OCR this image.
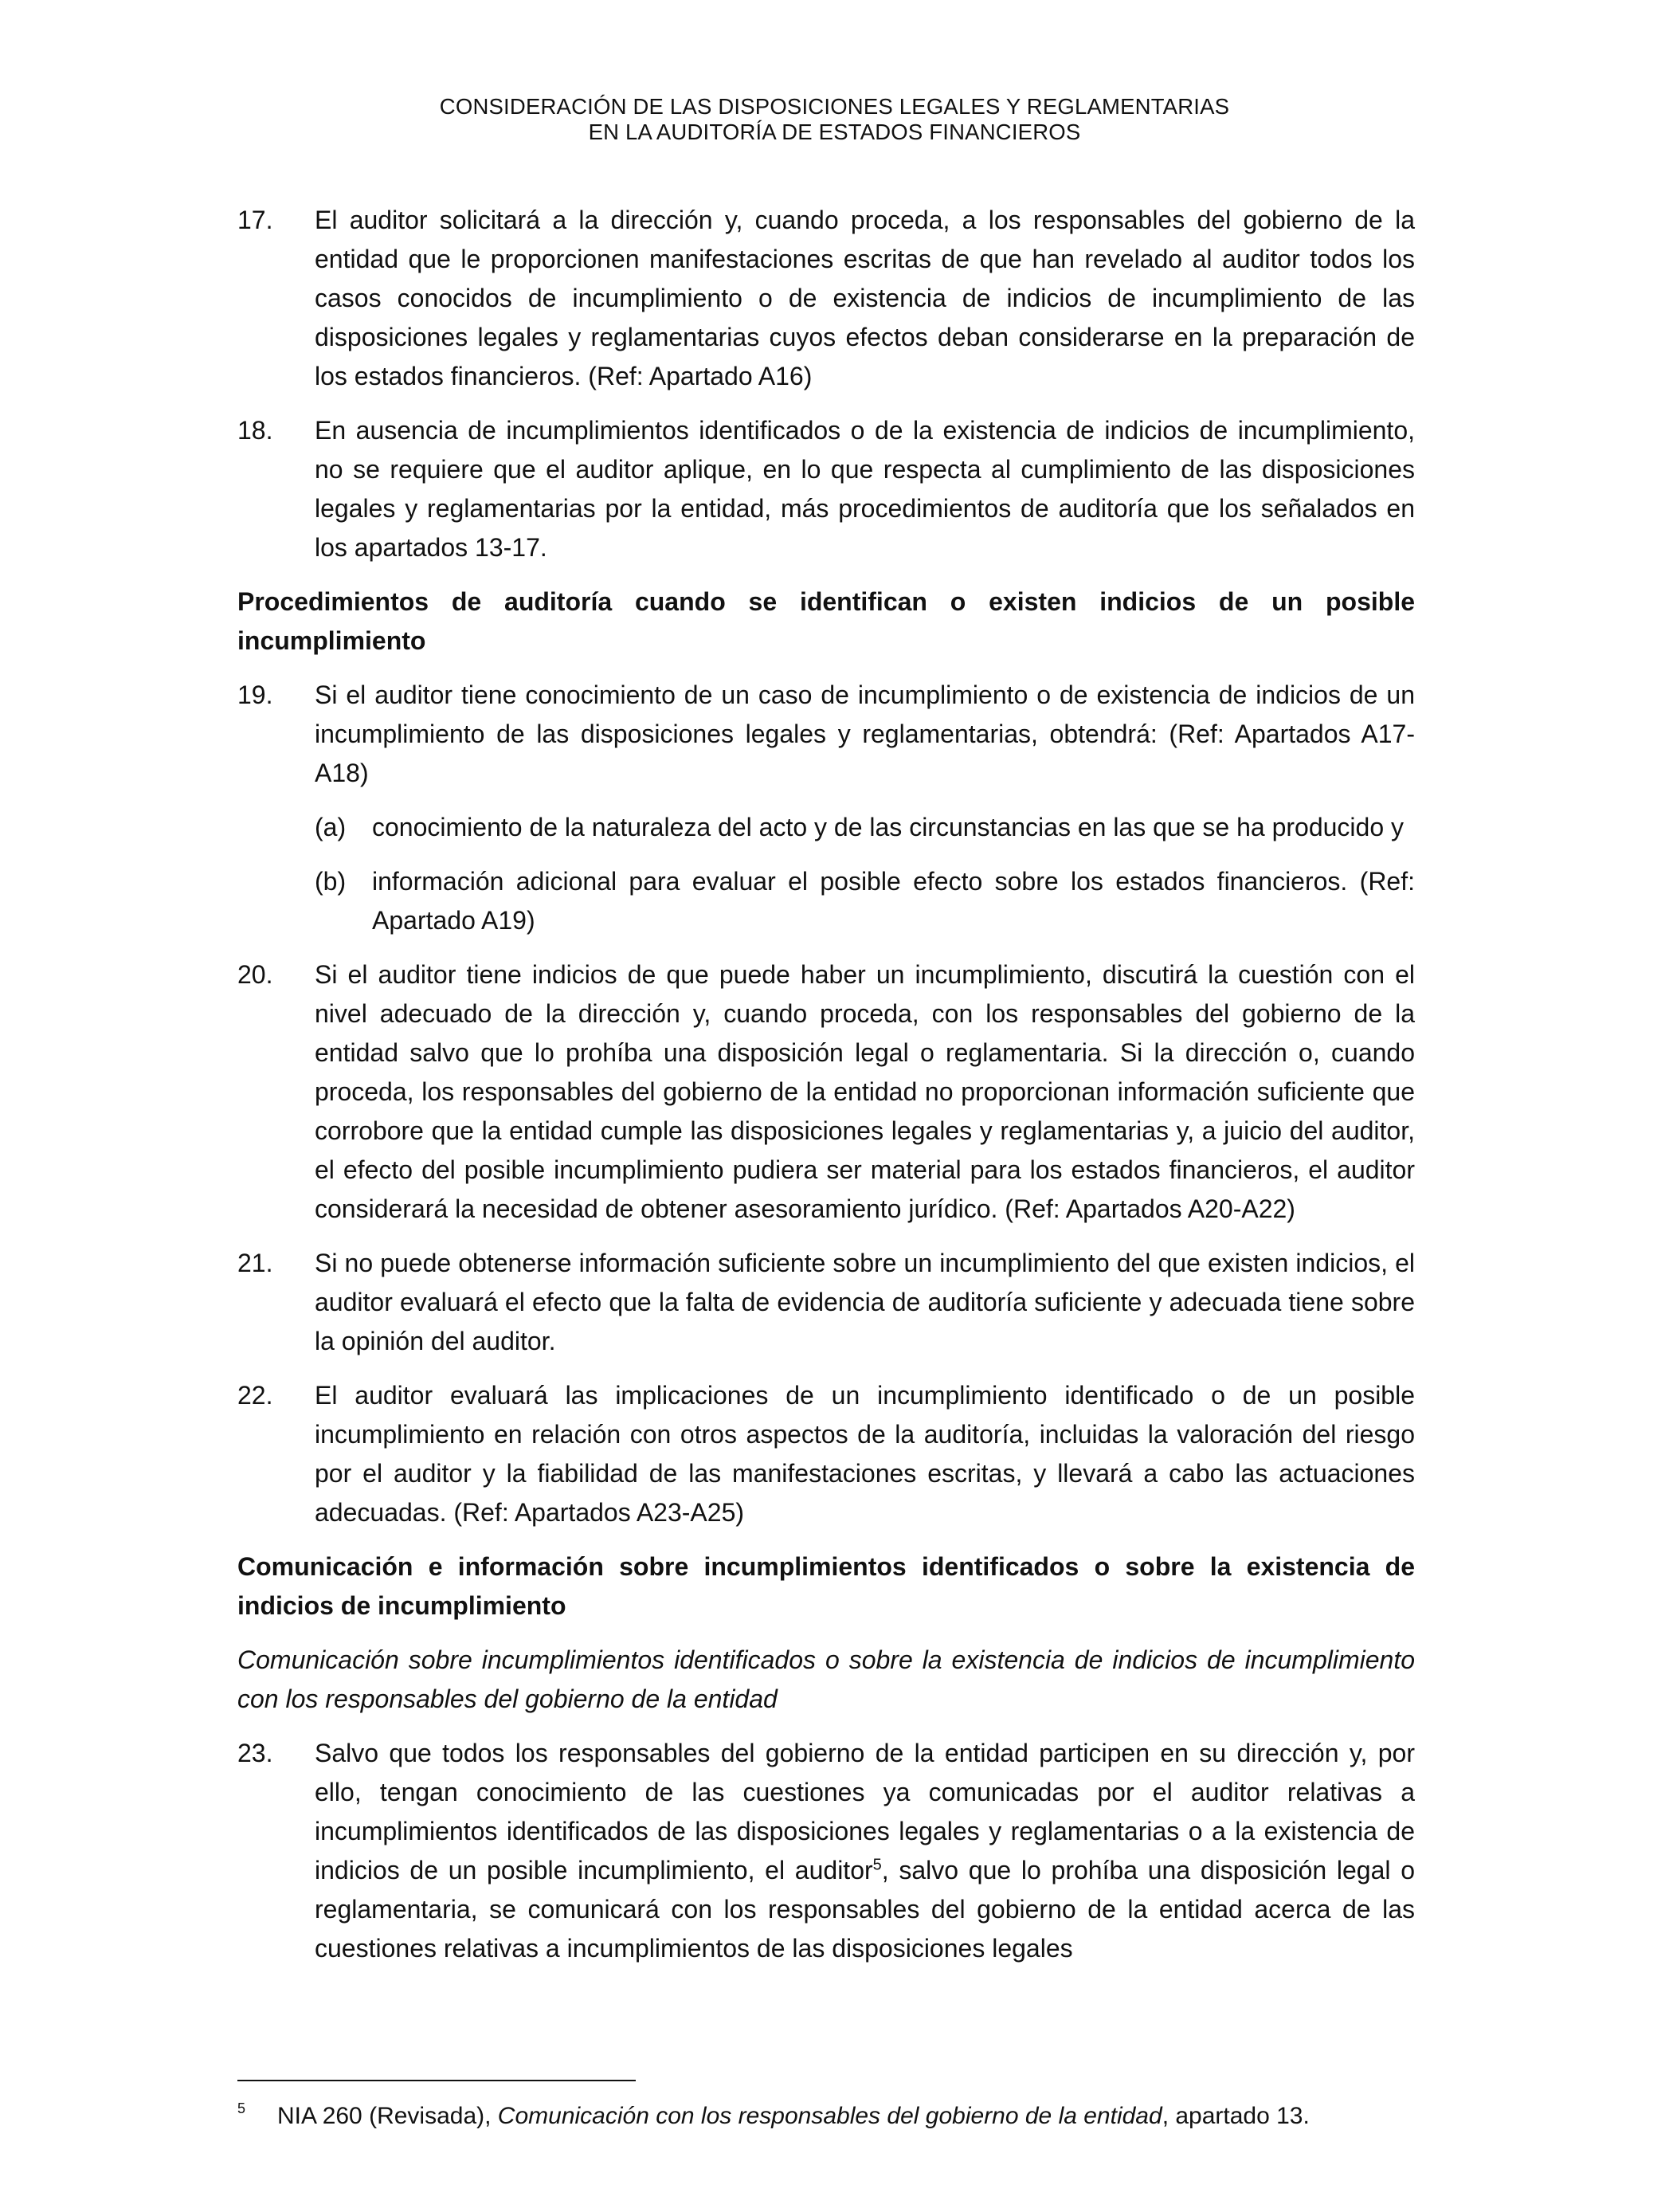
CONSIDERACIÓN DE LAS DISPOSICIONES LEGALES Y REGLAMENTARIAS
EN LA AUDITORÍA DE ESTADOS FINANCIEROS
17.	El auditor solicitará a la dirección y, cuando proceda, a los responsables del gobierno de la entidad que le proporcionen manifestaciones escritas de que han revelado al auditor todos los casos conocidos de incumplimiento o de existencia de indicios de incumplimiento de las disposiciones legales y reglamentarias cuyos efectos deban considerarse en la preparación de los estados financieros. (Ref: Apartado A16)
18.	En ausencia de incumplimientos identificados o de la existencia de indicios de incumplimiento, no se requiere que el auditor aplique, en lo que respecta al cumplimiento de las disposiciones legales y reglamentarias por la entidad, más procedimientos de auditoría que los señalados en los apartados 13-17.
Procedimientos de auditoría cuando se identifican o existen indicios de un posible incumplimiento
19.	Si el auditor tiene conocimiento de un caso de incumplimiento o de existencia de indicios de un incumplimiento de las disposiciones legales y reglamentarias, obtendrá: (Ref: Apartados A17-A18)
(a)	conocimiento de la naturaleza del acto y de las circunstancias en las que se ha producido y
(b)	información adicional para evaluar el posible efecto sobre los estados financieros. (Ref: Apartado A19)
20.	Si el auditor tiene indicios de que puede haber un incumplimiento, discutirá la cuestión con el nivel adecuado de la dirección y, cuando proceda, con los responsables del gobierno de la entidad salvo que lo prohíba una disposición legal o reglamentaria. Si la dirección o, cuando proceda, los responsables del gobierno de la entidad no proporcionan información suficiente que corrobore que la entidad cumple las disposiciones legales y reglamentarias y, a juicio del auditor, el efecto del posible incumplimiento pudiera ser material para los estados financieros, el auditor considerará la necesidad de obtener asesoramiento jurídico. (Ref: Apartados A20-A22)
21.	Si no puede obtenerse información suficiente sobre un incumplimiento del que existen indicios, el auditor evaluará el efecto que la falta de evidencia de auditoría suficiente y adecuada tiene sobre la opinión del auditor.
22.	El auditor evaluará las implicaciones de un incumplimiento identificado o de un posible incumplimiento en relación con otros aspectos de la auditoría, incluidas la valoración del riesgo por el auditor y la fiabilidad de las manifestaciones escritas, y llevará a cabo las actuaciones adecuadas. (Ref: Apartados A23-A25)
Comunicación e información sobre incumplimientos identificados o sobre la existencia de indicios de incumplimiento
Comunicación sobre incumplimientos identificados o sobre la existencia de indicios de incumplimiento con los responsables del gobierno de la entidad
23.	Salvo que todos los responsables del gobierno de la entidad participen en su dirección y, por ello, tengan conocimiento de las cuestiones ya comunicadas por el auditor relativas a incumplimientos identificados de las disposiciones legales y reglamentarias o a la existencia de indicios de un posible incumplimiento, el auditor$^5$, salvo que lo prohíba una disposición legal o reglamentaria, se comunicará con los responsables del gobierno de la entidad acerca de las cuestiones relativas a incumplimientos de las disposiciones legales
5	NIA 260 (Revisada), Comunicación con los responsables del gobierno de la entidad, apartado 13.
